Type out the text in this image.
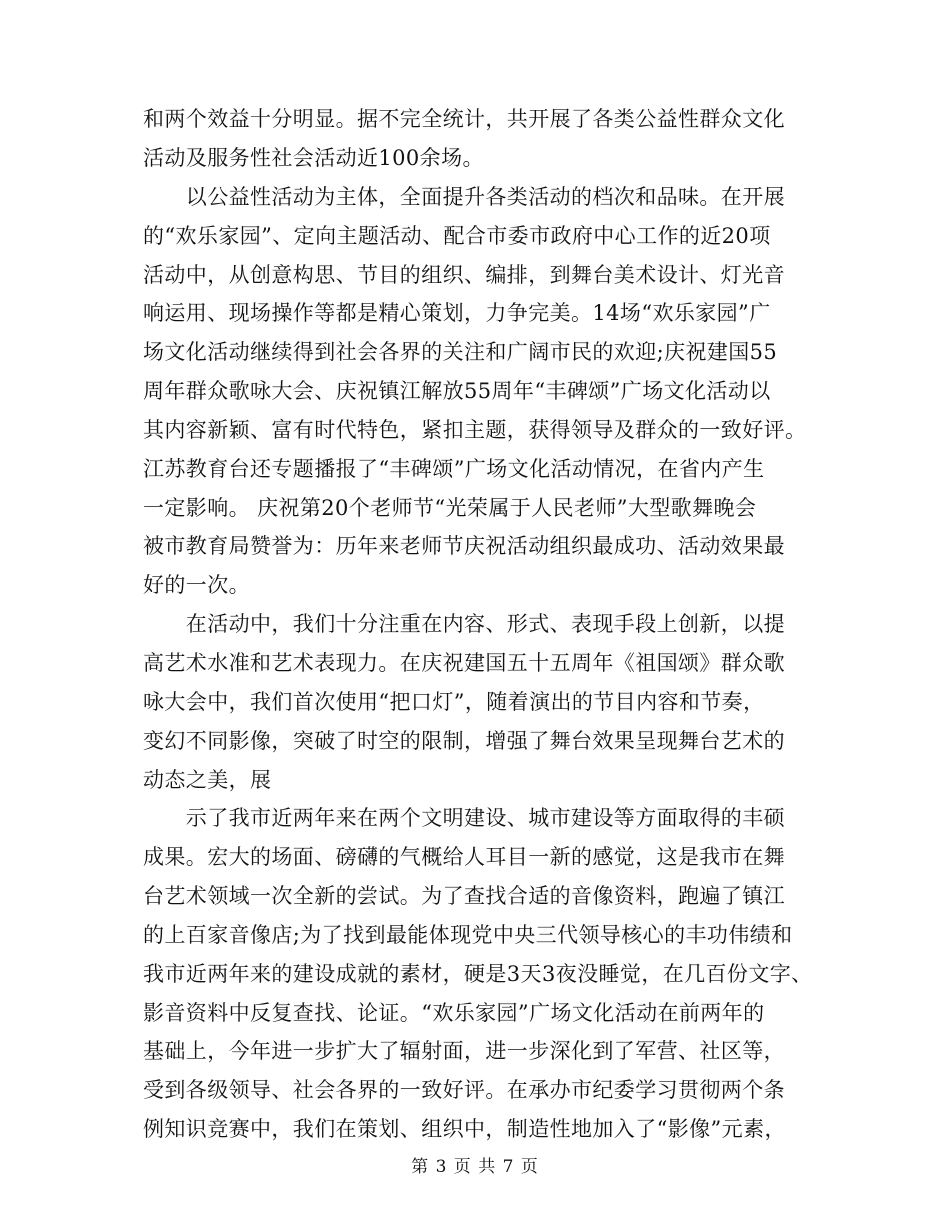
和两个效益十分明显。据不完全统计，共开展了各类公益性群众文化
活动及服务性社会活动近100余场。
　　以公益性活动为主体，全面提升各类活动的档次和品味。在开展
的“欢乐家园”、定向主题活动、配合市委市政府中心工作的近20项
活动中，从创意构思、节目的组织、编排，到舞台美术设计、灯光音
响运用、现场操作等都是精心策划，力争完美。14场“欢乐家园”广
场文化活动继续得到社会各界的关注和广阔市民的欢迎;庆祝建国55
周年群众歌咏大会、庆祝镇江解放55周年“丰碑颂”广场文化活动以
其内容新颖、富有时代特色，紧扣主题，获得领导及群众的一致好评。
江苏教育台还专题播报了“丰碑颂”广场文化活动情况，在省内产生
一定影响。 庆祝第20个老师节“光荣属于人民老师”大型歌舞晚会
被市教育局赞誉为：历年来老师节庆祝活动组织最成功、活动效果最
好的一次。
　　在活动中，我们十分注重在内容、形式、表现手段上创新，以提
高艺术水准和艺术表现力。在庆祝建国五十五周年《祖国颂》群众歌
咏大会中，我们首次使用“把口灯”，随着演出的节目内容和节奏，
变幻不同影像，突破了时空的限制，增强了舞台效果呈现舞台艺术的
动态之美，展
　　示了我市近两年来在两个文明建设、城市建设等方面取得的丰硕
成果。宏大的场面、磅礴的气概给人耳目一新的感觉，这是我市在舞
台艺术领域一次全新的尝试。为了查找合适的音像资料，跑遍了镇江
的上百家音像店;为了找到最能体现党中央三代领导核心的丰功伟绩和
我市近两年来的建设成就的素材，硬是3天3夜没睡觉，在几百份文字、
影音资料中反复查找、论证。“欢乐家园”广场文化活动在前两年的
基础上，今年进一步扩大了辐射面，进一步深化到了军营、社区等，
受到各级领导、社会各界的一致好评。在承办市纪委学习贯彻两个条
例知识竞赛中，我们在策划、组织中，制造性地加入了“影像”元素，
第 3 页 共 7 页
